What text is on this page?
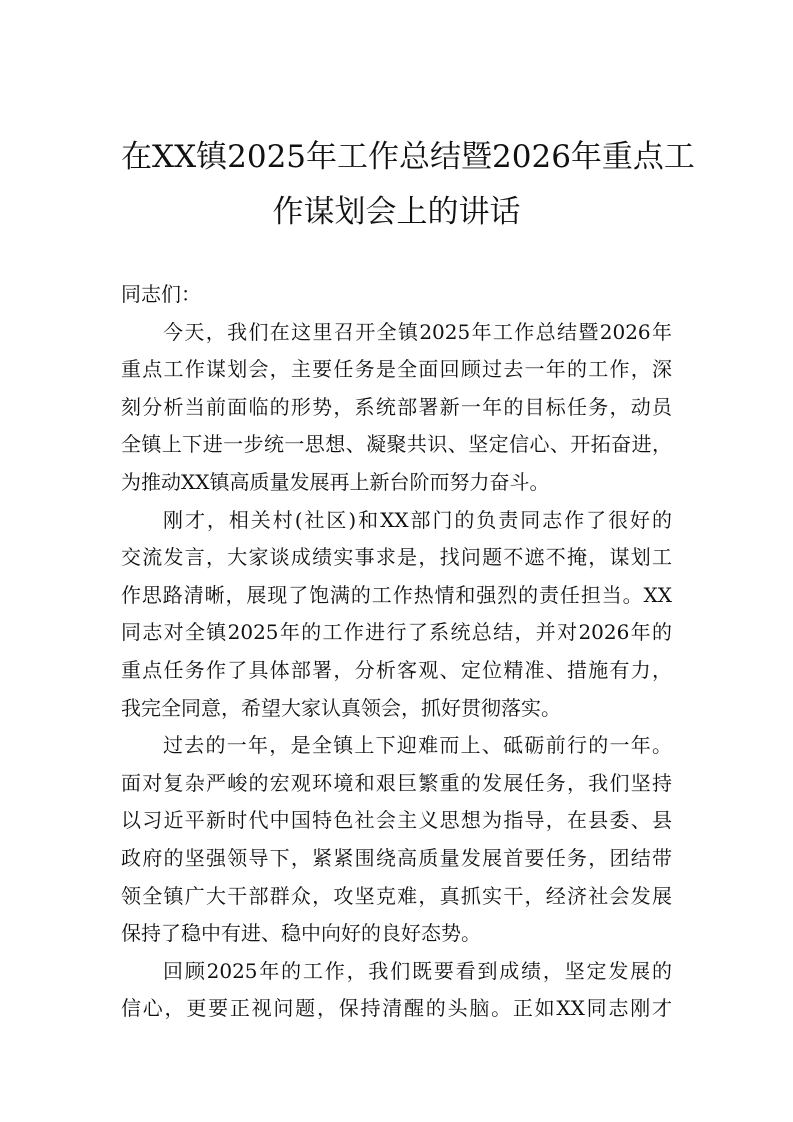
在XX镇2025年工作总结暨2026年重点工
作谋划会上的讲话
同志们：
今天，我们在这里召开全镇2025年工作总结暨2026年
重点工作谋划会，主要任务是全面回顾过去一年的工作，深
刻分析当前面临的形势，系统部署新一年的目标任务，动员
全镇上下进一步统一思想、凝聚共识、坚定信心、开拓奋进，
为推动XX镇高质量发展再上新台阶而努力奋斗。
刚才，相关村(社区)和XX部门的负责同志作了很好的
交流发言，大家谈成绩实事求是，找问题不遮不掩，谋划工
作思路清晰，展现了饱满的工作热情和强烈的责任担当。XX
同志对全镇2025年的工作进行了系统总结，并对2026年的
重点任务作了具体部署，分析客观、定位精准、措施有力，
我完全同意，希望大家认真领会，抓好贯彻落实。
过去的一年，是全镇上下迎难而上、砥砺前行的一年。
面对复杂严峻的宏观环境和艰巨繁重的发展任务，我们坚持
以习近平新时代中国特色社会主义思想为指导，在县委、县
政府的坚强领导下，紧紧围绕高质量发展首要任务，团结带
领全镇广大干部群众，攻坚克难，真抓实干，经济社会发展
保持了稳中有进、稳中向好的良好态势。
回顾2025年的工作，我们既要看到成绩，坚定发展的
信心，更要正视问题，保持清醒的头脑。正如XX同志刚才
